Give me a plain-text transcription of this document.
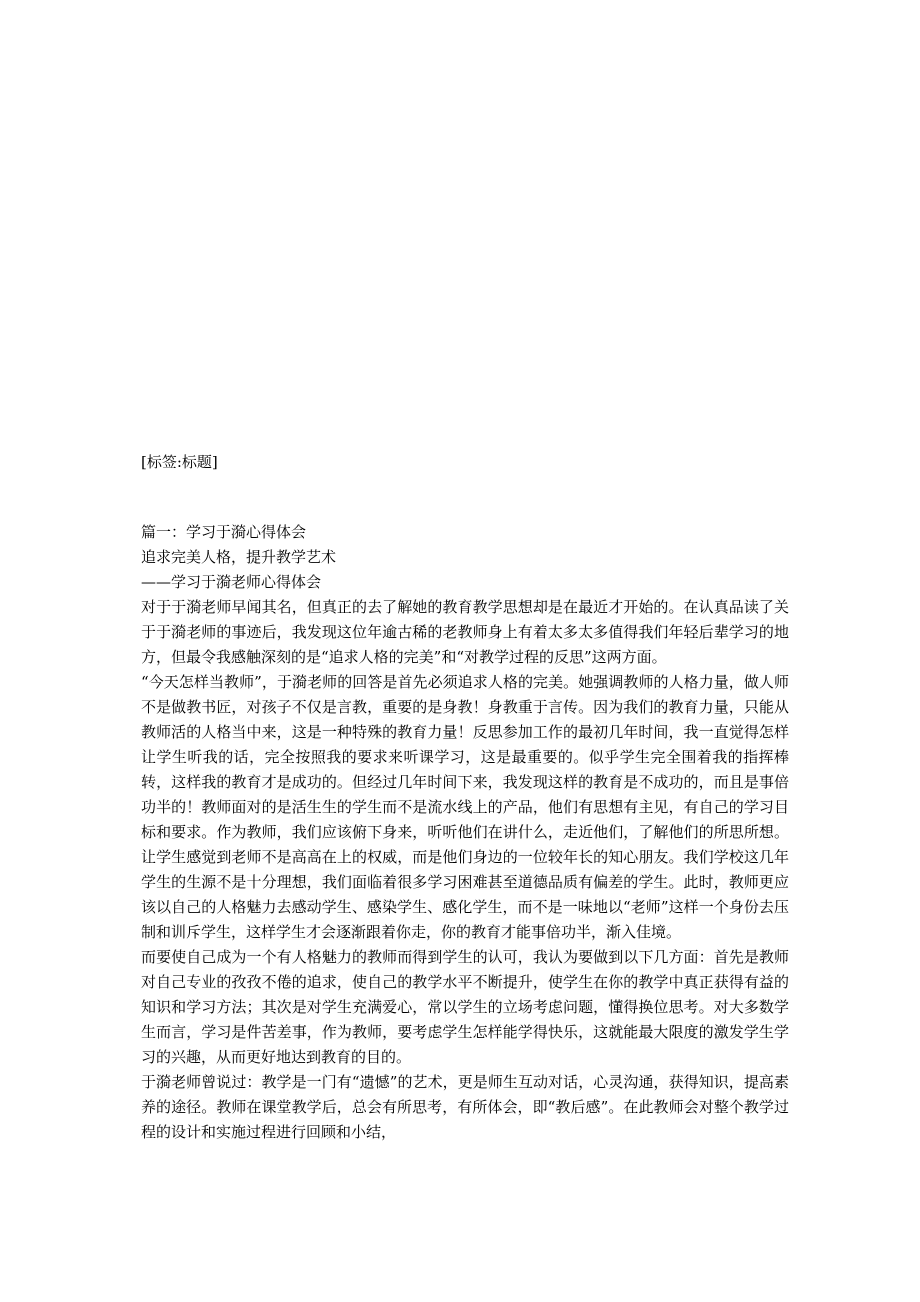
[标签:标题]

篇一：学习于漪心得体会

追求完美人格，提升教学艺术

——学习于漪老师心得体会

对于于漪老师早闻其名，但真正的去了解她的教育教学思想却是在最近才开始的。在认真品读了关于于漪老师的事迹后，我发现这位年逾古稀的老教师身上有着太多太多值得我们年轻后辈学习的地方，但最令我感触深刻的是“追求人格的完美”和“对教学过程的反思”这两方面。

“今天怎样当教师”，于漪老师的回答是首先必须追求人格的完美。她强调教师的人格力量，做人师不是做教书匠，对孩子不仅是言教，重要的是身教！身教重于言传。因为我们的教育力量，只能从教师活的人格当中来，这是一种特殊的教育力量！反思参加工作的最初几年时间，我一直觉得怎样让学生听我的话，完全按照我的要求来听课学习，这是最重要的。似乎学生完全围着我的指挥棒转，这样我的教育才是成功的。但经过几年时间下来，我发现这样的教育是不成功的，而且是事倍功半的！教师面对的是活生生的学生而不是流水线上的产品，他们有思想有主见，有自己的学习目标和要求。作为教师，我们应该俯下身来，听听他们在讲什么，走近他们，了解他们的所思所想。让学生感觉到老师不是高高在上的权威，而是他们身边的一位较年长的知心朋友。我们学校这几年学生的生源不是十分理想，我们面临着很多学习困难甚至道德品质有偏差的学生。此时，教师更应该以自己的人格魅力去感动学生、感染学生、感化学生，而不是一味地以“老师”这样一个身份去压制和训斥学生，这样学生才会逐渐跟着你走，你的教育才能事倍功半，渐入佳境。

而要使自己成为一个有人格魅力的教师而得到学生的认可，我认为要做到以下几方面：首先是教师对自己专业的孜孜不倦的追求，使自己的教学水平不断提升，使学生在你的教学中真正获得有益的知识和学习方法；其次是对学生充满爱心，常以学生的立场考虑问题，懂得换位思考。对大多数学生而言，学习是件苦差事，作为教师，要考虑学生怎样能学得快乐，这就能最大限度的激发学生学习的兴趣，从而更好地达到教育的目的。

于漪老师曾说过：教学是一门有“遗憾”的艺术，更是师生互动对话，心灵沟通，获得知识，提高素养的途径。教师在课堂教学后，总会有所思考，有所体会，即“教后感”。在此教师会对整个教学过程的设计和实施过程进行回顾和小结，
